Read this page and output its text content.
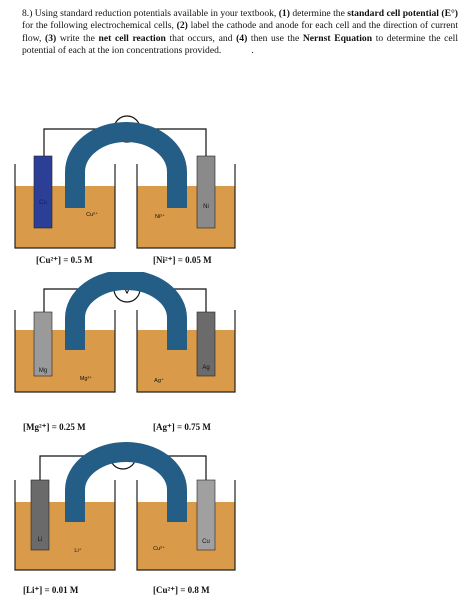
8.) Using standard reduction potentials available in your textbook, (1) determine the standard cell potential (E°) for the following electrochemical cells, (2) label the cathode and anode for each cell and the direction of current flow, (3) write the net cell reaction that occurs, and (4) then use the Nernst Equation to determine the cell potential of each at the ion concentrations provided.	.
V
Cu
Ni
Cu²⁺	Ni²⁺
[Cu²⁺] = 0.5 M	[Ni²⁺] = 0.05 M
V
Mg	Ag
Mg²⁺	Ag⁺
[Mg²⁺] = 0.25 M	[Ag⁺] = 0.75 M
V
Li	Cu
Li⁺	Cu²⁺
[Li⁺] = 0.01 M	[Cu²⁺] = 0.8 M
